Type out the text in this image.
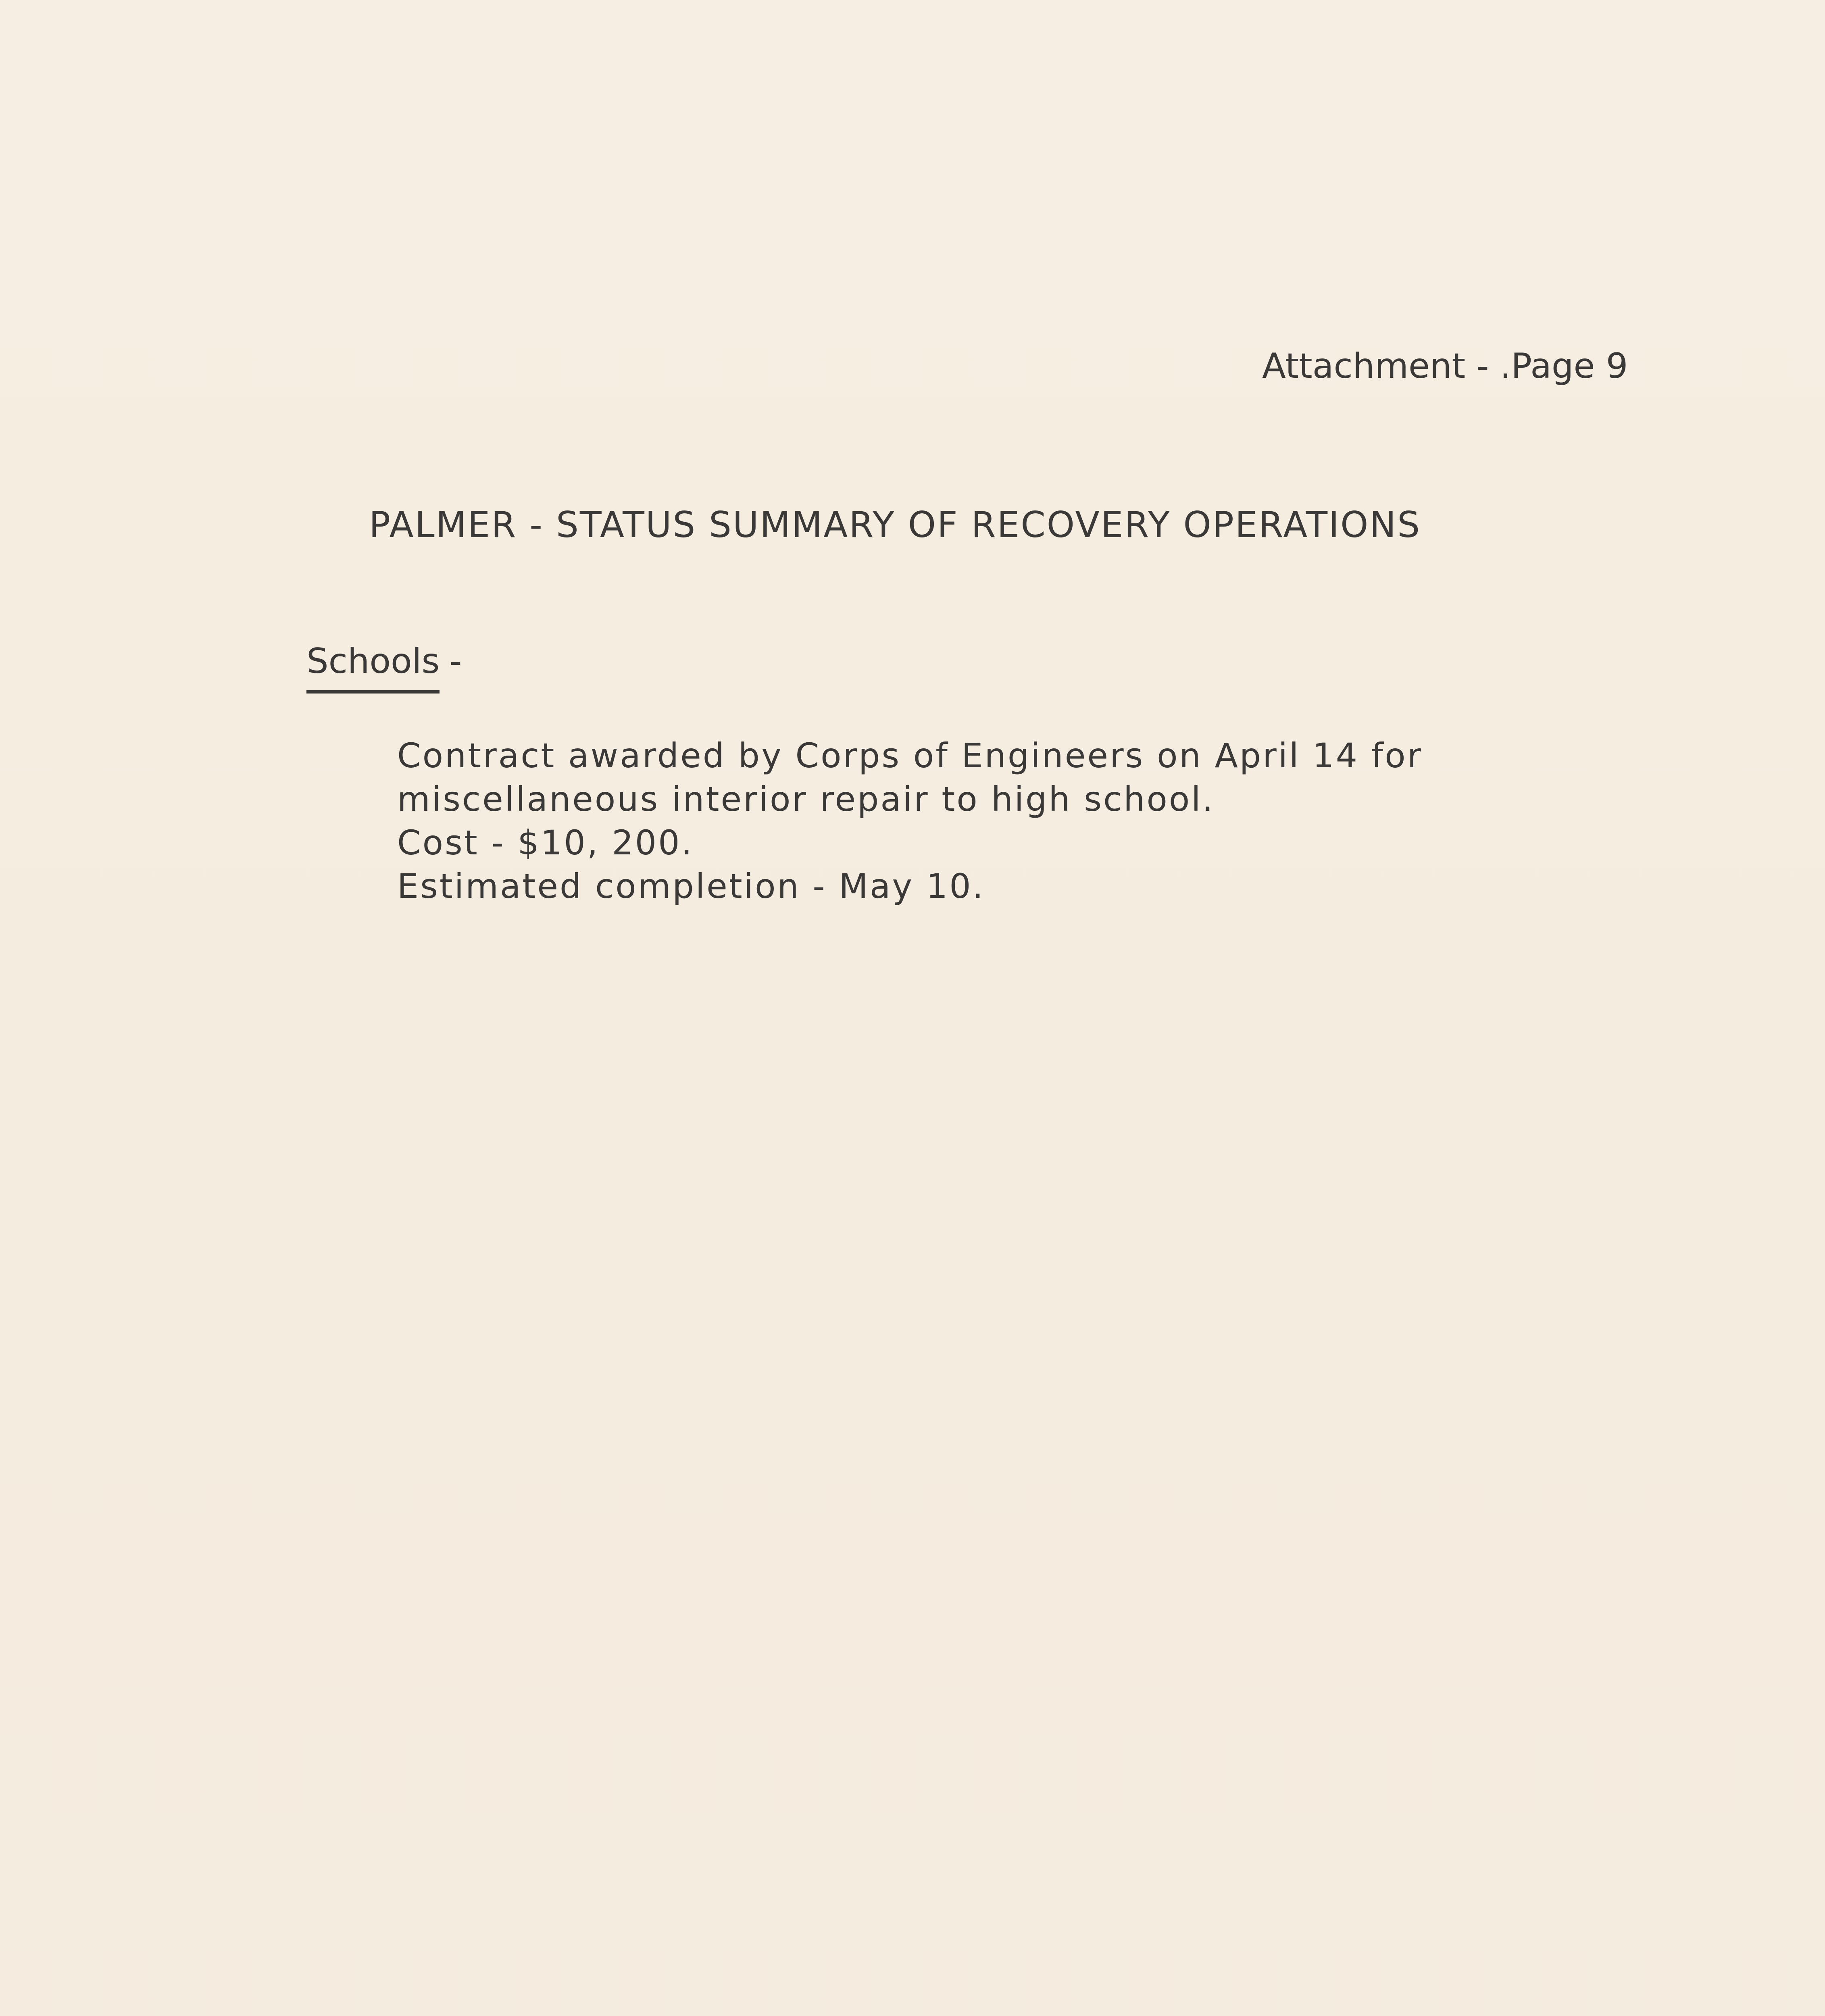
Attachment - .Page 9
PALMER - STATUS SUMMARY OF RECOVERY OPERATIONS
Schools -

Contract awarded by Corps of Engineers on April 14 for

miscellaneous interior repair to high school.

Cost - $10, 200.

Estimated completion - May 10.
